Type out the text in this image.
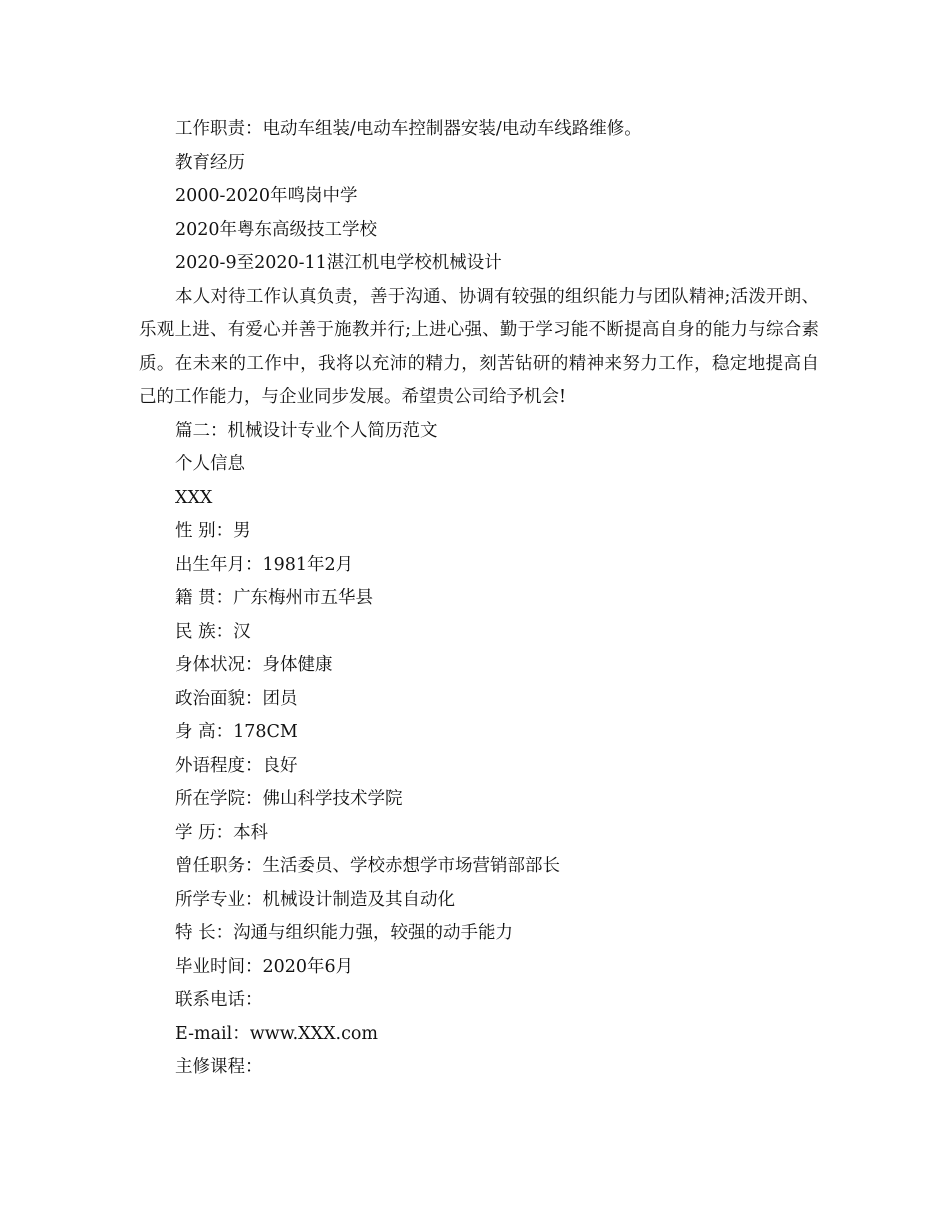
工作职责：电动车组装/电动车控制器安装/电动车线路维修。

教育经历

2000-2020年鸣岗中学

2020年粤东高级技工学校

2020-9至2020-11湛江机电学校机械设计

本人对待工作认真负责，善于沟通、协调有较强的组织能力与团队精神;活泼开朗、乐观上进、有爱心并善于施教并行;上进心强、勤于学习能不断提高自身的能力与综合素质。在未来的工作中，我将以充沛的精力，刻苦钻研的精神来努力工作，稳定地提高自己的工作能力，与企业同步发展。希望贵公司给予机会!

篇二：机械设计专业个人简历范文

个人信息

XXX

性 别：男

出生年月：1981年2月

籍 贯：广东梅州市五华县

民 族：汉

身体状况：身体健康

政治面貌：团员

身 高：178CM

外语程度：良好

所在学院：佛山科学技术学院

学 历：本科

曾任职务：生活委员、学校赤想学市场营销部部长

所学专业：机械设计制造及其自动化

特 长：沟通与组织能力强，较强的动手能力

毕业时间：2020年6月

联系电话：

E-mail：www.XXX.com

主修课程：
